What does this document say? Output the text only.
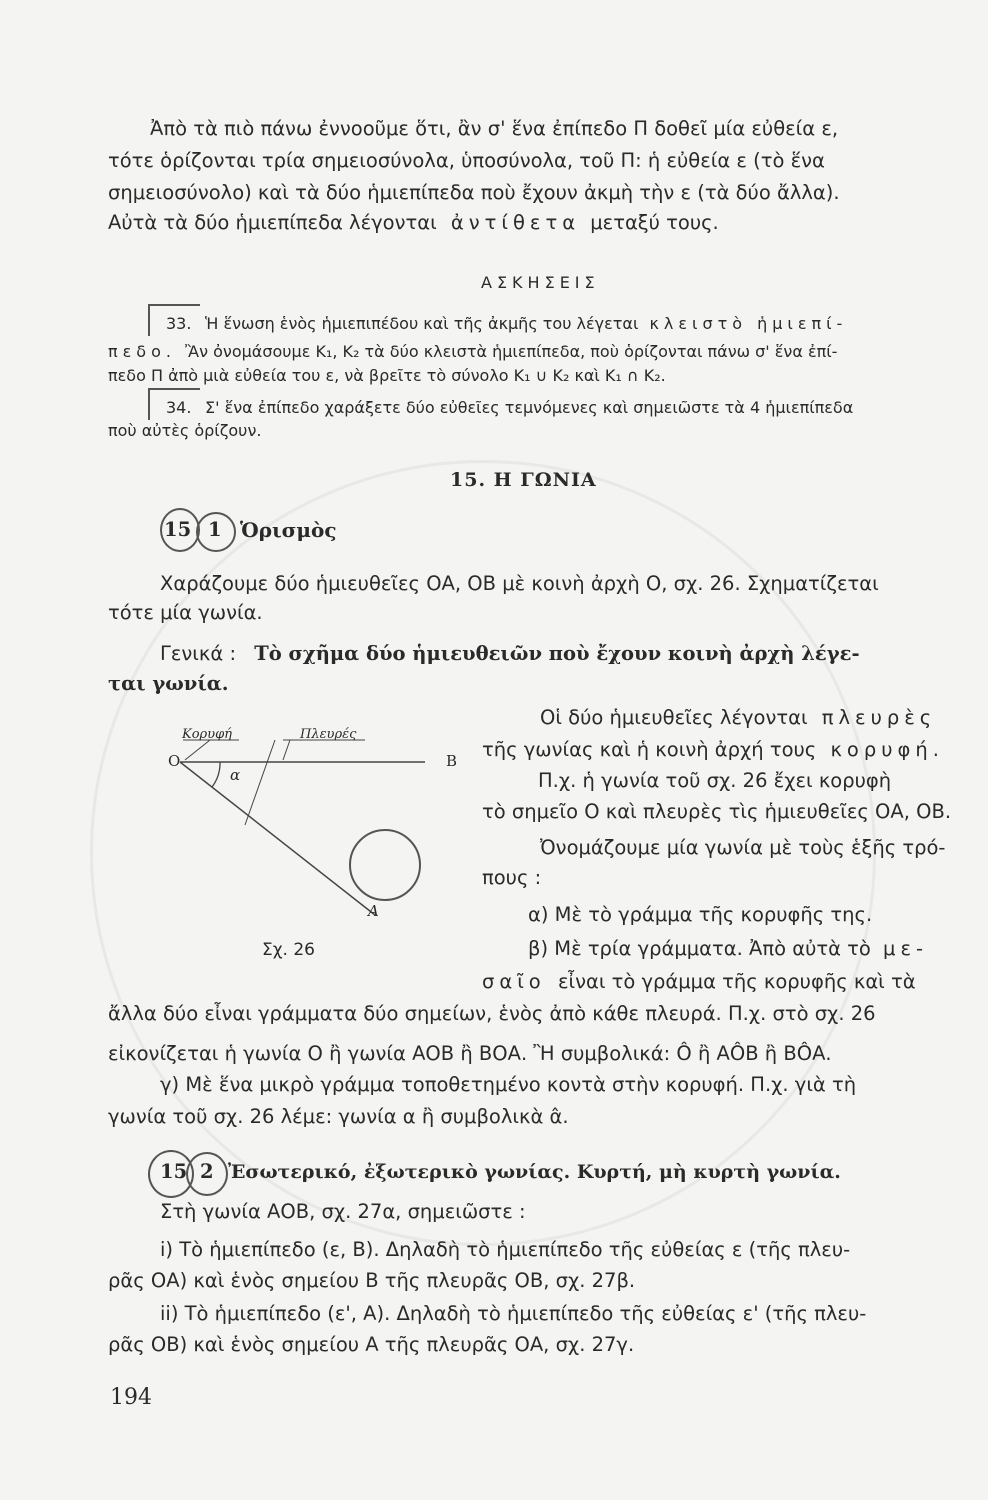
Ἀπὸ τὰ πιὸ πάνω ἐννοοῦμε ὅτι, ἂν σ' ἕνα ἐπίπεδο Π δοθεῖ μία εὐθεία ε,
τότε ὁρίζονται τρία σημειοσύνολα, ὑποσύνολα, τοῦ Π: ἡ εὐθεία ε (τὸ ἕνα
σημειοσύνολο) καὶ τὰ δύο ἡμιεπίπεδα ποὺ ἔχουν ἀκμὴ τὴν ε (τὰ δύο ἄλλα).
Αὐτὰ τὰ δύο ἡμιεπίπεδα λέγονται ἀντίθετα μεταξύ τους.
ΑΣΚΗΣΕΙΣ
33. Ἡ ἕνωση ἑνὸς ἡμιεπιπέδου καὶ τῆς ἀκμῆς του λέγεται κλειστὸ ἡμιεπί-
πεδο. Ἂν ὀνομάσουμε K₁, K₂ τὰ δύο κλειστὰ ἡμιεπίπεδα, ποὺ ὁρίζονται πάνω σ' ἕνα ἐπί-
πεδο Π ἀπὸ μιὰ εὐθεία του ε, νὰ βρεῖτε τὸ σύνολο K₁ ∪ K₂ καὶ K₁ ∩ K₂.
34. Σ' ἕνα ἐπίπεδο χαράξετε δύο εὐθεῖες τεμνόμενες καὶ σημειῶστε τὰ 4 ἡμιεπίπεδα
ποὺ αὐτὲς ὁρίζουν.
15. Η ΓΩΝΙΑ
15 1 Ὁρισμὸς
Χαράζουμε δύο ἡμιευθεῖες ΟΑ, ΟΒ μὲ κοινὴ ἀρχὴ Ο, σχ. 26. Σχηματίζεται
τότε μία γωνία.
Γενικά : Τὸ σχῆμα δύο ἡμιευθειῶν ποὺ ἔχουν κοινὴ ἀρχὴ λέγε-
ται γωνία.
Κορυφή	Πλευρές
O	B
A
α
Σχ. 26
Οἱ δύο ἡμιευθεῖες λέγονται πλευρὲς
τῆς γωνίας καὶ ἡ κοινὴ ἀρχή τους κορυφή.
Π.χ. ἡ γωνία τοῦ σχ. 26 ἔχει κορυφὴ
τὸ σημεῖο Ο καὶ πλευρὲς τὶς ἡμιευθεῖες ΟΑ, ΟΒ.
Ὀνομάζουμε μία γωνία μὲ τοὺς ἑξῆς τρό-
πους :
α) Μὲ τὸ γράμμα τῆς κορυφῆς της.
β) Μὲ τρία γράμματα. Ἀπὸ αὐτὰ τὸ με-
σαῖο εἶναι τὸ γράμμα τῆς κορυφῆς καὶ τὰ
ἄλλα δύο εἶναι γράμματα δύο σημείων, ἑνὸς ἀπὸ κάθε πλευρά. Π.χ. στὸ σχ. 26
εἰκονίζεται ἡ γωνία Ο ἢ γωνία ΑΟΒ ἢ ΒΟΑ. Ἢ συμβολικά: Ô ἢ ΑÔΒ ἢ ΒÔΑ.
γ) Μὲ ἕνα μικρὸ γράμμα τοποθετημένο κοντὰ στὴν κορυφή. Π.χ. γιὰ τὴ
γωνία τοῦ σχ. 26 λέμε: γωνία α ἢ συμβολικὰ α̂.
15 2 Ἐσωτερικό, ἐξωτερικὸ γωνίας. Κυρτή, μὴ κυρτὴ γωνία.
Στὴ γωνία ΑΟΒ, σχ. 27α, σημειῶστε :
i) Τὸ ἡμιεπίπεδο (ε, Β). Δηλαδὴ τὸ ἡμιεπίπεδο τῆς εὐθείας ε (τῆς πλευ-
ρᾶς ΟΑ) καὶ ἑνὸς σημείου Β τῆς πλευρᾶς ΟΒ, σχ. 27β.
ii) Τὸ ἡμιεπίπεδο (ε', Α). Δηλαδὴ τὸ ἡμιεπίπεδο τῆς εὐθείας ε' (τῆς πλευ-
ρᾶς ΟΒ) καὶ ἑνὸς σημείου Α τῆς πλευρᾶς ΟΑ, σχ. 27γ.
194
